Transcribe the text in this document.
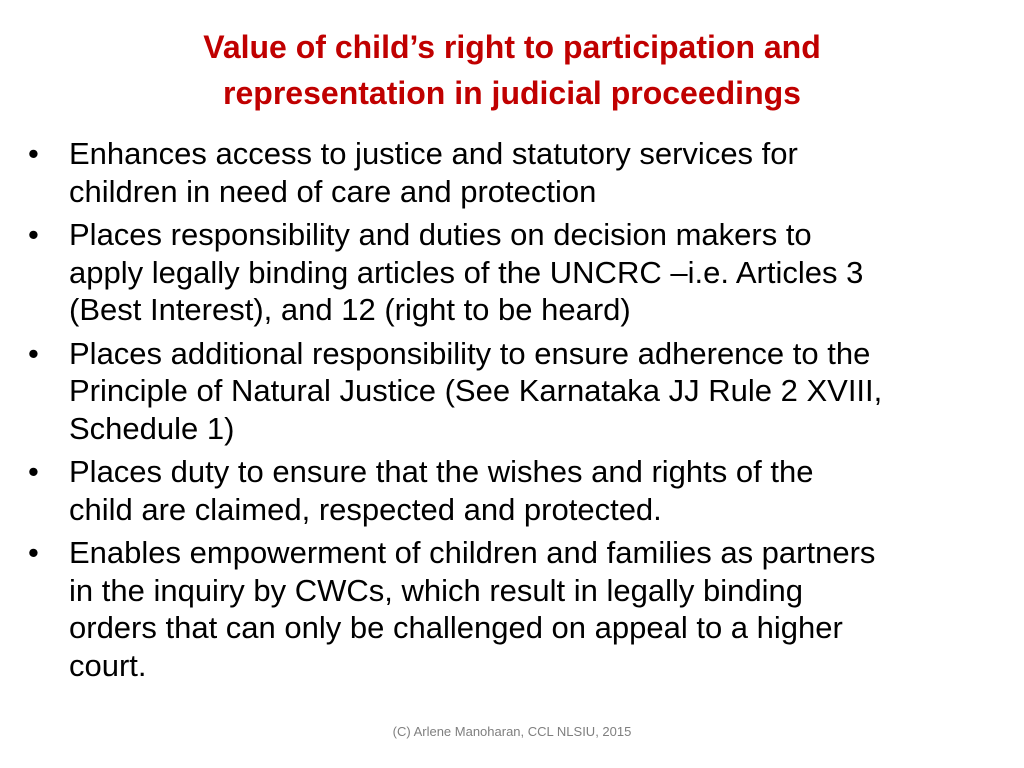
Value of child’s right to participation and
representation in judicial proceedings
• Enhances access to justice and statutory services for
children in need of care and protection
• Places responsibility and duties on decision makers to
apply legally binding articles of the UNCRC –i.e. Articles 3
(Best Interest), and 12 (right to be heard)
• Places additional responsibility to ensure adherence to the
Principle of Natural Justice (See Karnataka JJ Rule 2 XVIII,
Schedule 1)
• Places duty to ensure that the wishes and rights of the
child are claimed, respected and protected.
• Enables empowerment of children and families as partners
in the inquiry by CWCs, which result in legally binding
orders that can only be challenged on appeal to a higher
court.
(C) Arlene Manoharan, CCL NLSIU, 2015
